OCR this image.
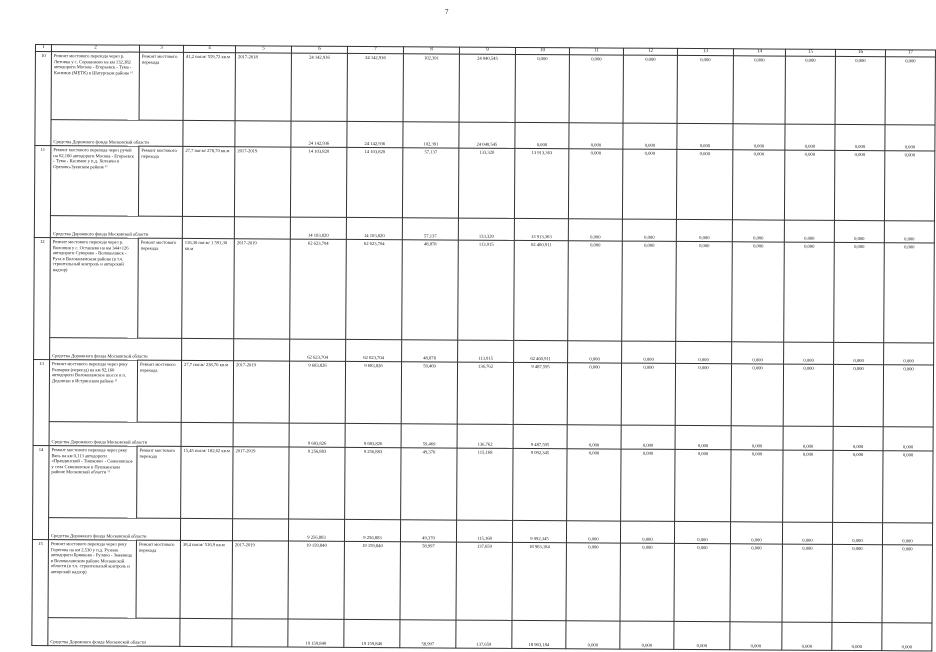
7
1	2	3	4	5	6	7	8	9	10	11	12	13	14	15	16	17
10	Ремонт мостового перехода через р. Литовка у с. Сорокиново на км 132,382 автодороги Москва - Егорьевск - Тума - Касимов (МЕТК) в Шатурском районе ¹⁾	Ремонт мостового перехода	41,2 пог.м/ 559,72 кв.м	2017-2018	24 142,936	24 142,936	102,391	24 040,545	0,000	0,000	0,000	0,000	0,000	0,000	0,000	0,000
	Средства Дорожного фонда Московской области				24 142,936	24 142,936	102,391	24 040,545	0,000	0,000	0,000	0,000	0,000	0,000	0,000	0,000
11	Ремонт мостового перехода через ручей на 62,100 автодороги Москва - Егорьевск - Тума - Касимов у п.д. Хотеичи в Орехово-Зуевском районе ¹⁾	Ремонт мостового перехода	27,7 пог.м/ 278,70 кв.м	2017-2019	14 103,820	14 103,820	57,137	133,320	13 913,363	0,000	0,000	0,000	0,000	0,000	0,000	0,000
	Средства Дорожного фонда Московской области				14 103,820	14 103,820	57,137	133,320	13 913,363	0,000	0,000	0,000	0,000	0,000	0,000	0,000
12	Ремонт мостового перехода через р. Волошня у с. Осташево на км 344+126 автодороги Суворово - Волоколамск - Руза в Волоколамском районе (в т.ч. строительный контроль и авторский надзор)	Ремонт мостового перехода	116,30 пог.м/ 1 591,30 кв.м	2017-2019	62 623,704	62 623,704	48,878	113,915	62 460,911	0,000	0,000	0,000	0,000	0,000	0,000	0,000
	Средства Дорожного фонда Московской области				62 623,704	62 623,704	48,878	113,915	62 460,911	0,000	0,000	0,000	0,000	0,000	0,000	0,000
13	Ремонт мостового перехода через реку Разварня (переезд) на км 92,160 автодороги Волоколамское шоссе в п. Дедовски в Истринском районе ¹⁾	Ремонт мостового перехода	27,7 пог.м/ 238,70 кв.м	2017-2019	9 683,826	9 683,826	59,469	136,762	9 487,595	0,000	0,000	0,000	0,000	0,000	0,000	0,000
	Средства Дорожного фонда Московской области				9 683,826	9 683,826	59,469	136,762	9 487,595	0,000	0,000	0,000	0,000	0,000	0,000	0,000
14	Ремонт мостового перехода через реку Вязь на км 0,113 автодороги «Правдинский - Тишково» - Семеновское у села Семеновское в Пушкинском районе Московской области ¹⁾	Ремонт мостового перехода	15,45 пог.м/ 182,62 кв.м	2017-2019	9 256,883	9 256,883	49,370	115,168	9 092,345	0,000	0,000	0,000	0,000	0,000	0,000	0,000
	Средства Дорожного фонда Московской области				9 256,883	9 256,883	49,370	115,168	9 092,345	0,000	0,000	0,000	0,000	0,000	0,000	0,000
15	Ремонт мостового перехода через реку Горетова на км 2,530 у п.д. Рузино автодороги Брянково - Рузино - Змеевица в Волоколамском районе Московской области (в т.ч. строительный контроль и авторский надзор)	Ремонт мостового перехода	38,4 пог.м/ 516,9 кв.м	2017-2019	19 159,840	19 159,840	58,997	137,659	18 963,184	0,000	0,000	0,000	0,000	0,000	0,000	0,000
	Средства Дорожного фонда Московской области				19 159,840	19 159,840	58,997	137,659	18 963,184	0,000	0,000	0,000	0,000	0,000	0,000	0,000
